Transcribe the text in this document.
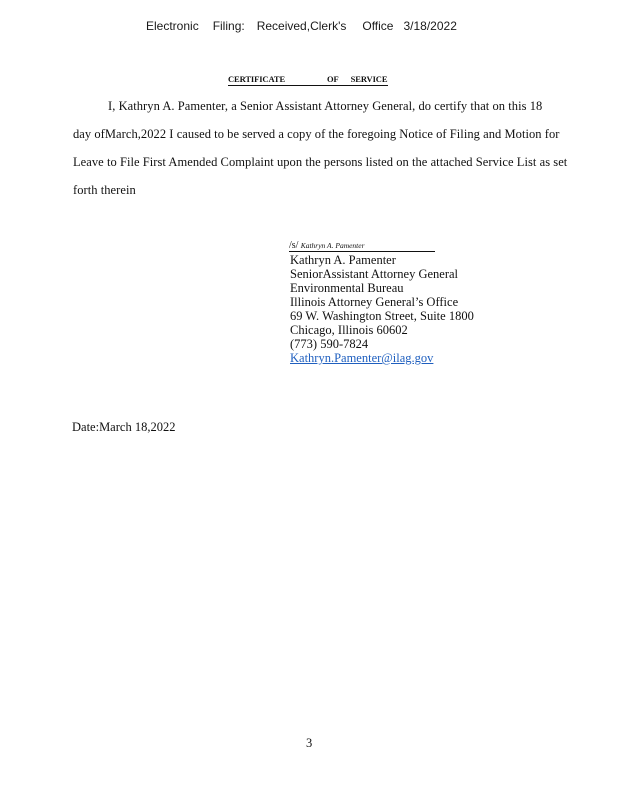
Electronic Filing: Received,Clerk's Office 3/18/2022
CERTIFICATE	OF SERVICE
I, Kathryn A. Pamenter, a Senior Assistant Attorney General, do certify that on this 18
day ofMarch,2022 I caused to be served a copy of the foregoing Notice of Filing and Motion for
Leave to File First Amended Complaint upon the persons listed on the attached Service List as set
forth therein
/s/ Kathryn A. Pamenter
Kathryn A. Pamenter
SeniorAssistant Attorney General
Environmental Bureau
Illinois Attorney General’s Office
69 W. Washington Street, Suite 1800
Chicago, Illinois 60602
(773) 590-7824
Kathryn.Pamenter@ilag.gov
Date:March 18,2022
3
